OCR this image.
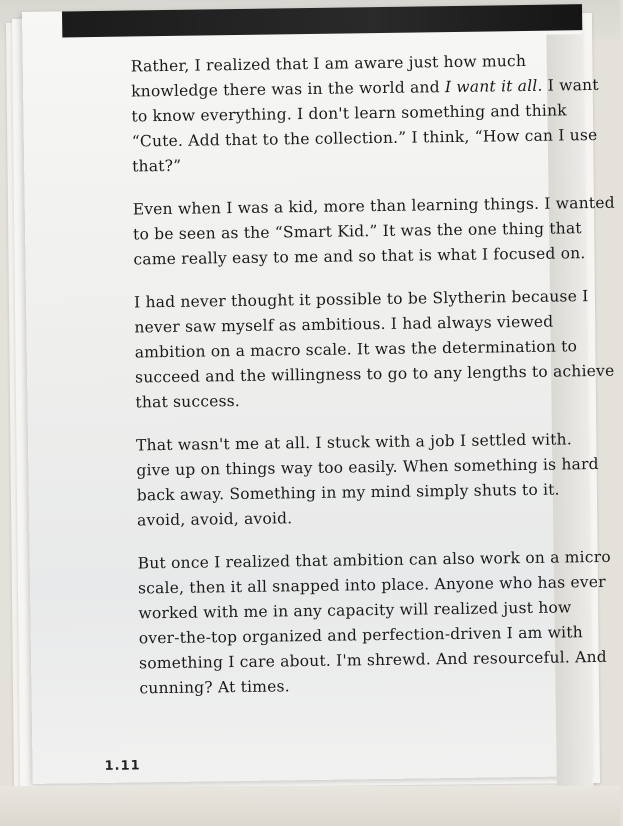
Rather, I realized that I am aware just how much
knowledge there was in the world and I want it all. I want
to know everything. I don't learn something and think
“Cute. Add that to the collection.” I think, “How can I use
that?”

Even when I was a kid, more than learning things. I wanted
to be seen as the “Smart Kid.” It was the one thing that
came really easy to me and so that is what I focused on.

I had never thought it possible to be Slytherin because I
never saw myself as ambitious. I had always viewed
ambition on a macro scale. It was the determination to
succeed and the willingness to go to any lengths to achieve
that success.

That wasn't me at all. I stuck with a job I settled with.
give up on things way too easily. When something is hard
back away. Something in my mind simply shuts to it.
avoid, avoid, avoid.

But once I realized that ambition can also work on a micro
scale, then it all snapped into place. Anyone who has ever
worked with me in any capacity will realized just how
over-the-top organized and perfection-driven I am with
something I care about. I'm shrewd. And resourceful. And
cunning? At times.

1.11
